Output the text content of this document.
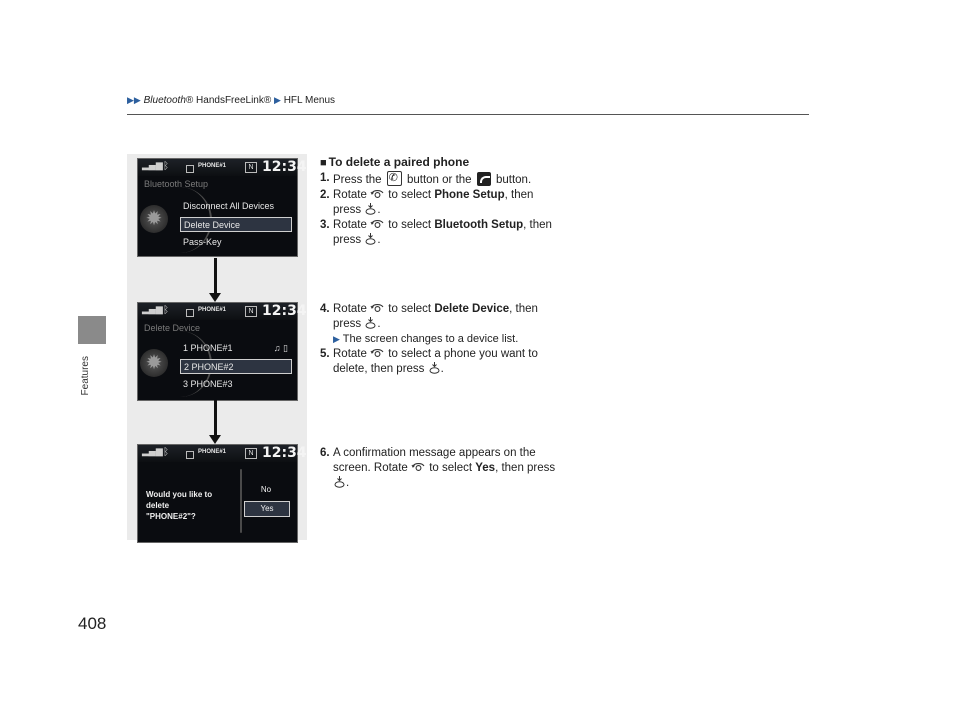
▶▶ Bluetooth® HandsFreeLink® ▶ HFL Menus
Features
408
▂▄▆ ᛒ	PHONE#1	N 12:34
Bluetooth Setup
✹
Disconnect All Devices
Delete Device
Pass-Key
▂▄▆ ᛒ	PHONE#1	N 12:34
Delete Device
✹
1 PHONE#1	♫ ▯
2 PHONE#2
3 PHONE#3
▂▄▆ ᛒ	PHONE#1	N 12:34
Would you like to
delete
"PHONE#2"?
No
Yes
■ To delete a paired phone
1. Press the ✆ button or the button.
2. Rotate to select Phone Setup, then
press .
3. Rotate to select Bluetooth Setup, then
press .
4. Rotate to select Delete Device, then
press .
▶ The screen changes to a device list.
5. Rotate to select a phone you want to
delete, then press .
6. A confirmation message appears on the
screen. Rotate to select Yes, then press
.
